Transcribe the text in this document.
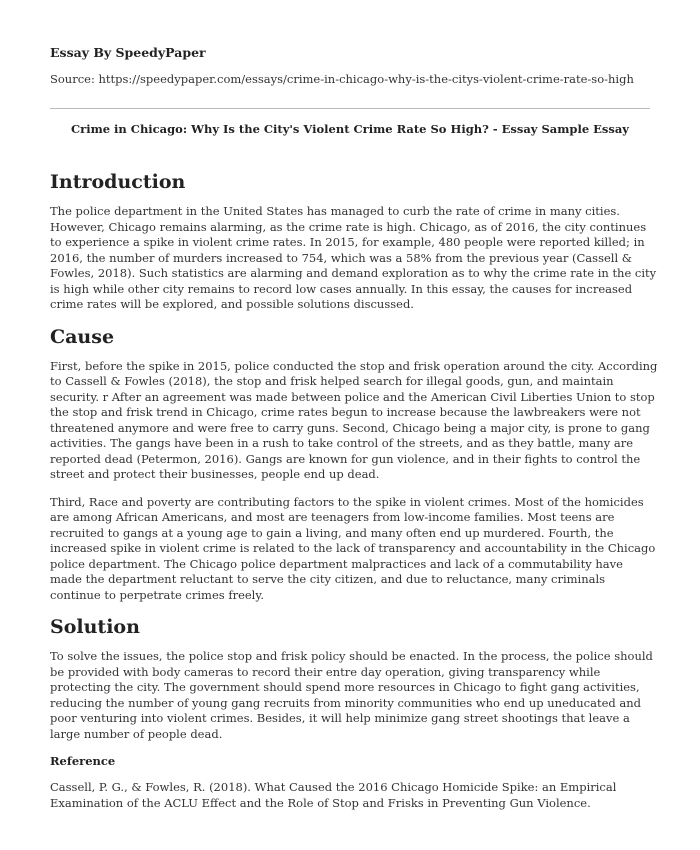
Essay By SpeedyPaper
Source: https://speedypaper.com/essays/crime-in-chicago-why-is-the-citys-violent-crime-rate-so-high
Crime in Chicago: Why Is the City's Violent Crime Rate So High? - Essay Sample Essay
Introduction

The police department in the United States has managed to curb the rate of crime in many cities. However, Chicago remains alarming, as the crime rate is high. Chicago, as of 2016, the city continues to experience a spike in violent crime rates. In 2015, for example, 480 people were reported killed; in 2016, the number of murders increased to 754, which was a 58% from the previous year (Cassell & Fowles, 2018). Such statistics are alarming and demand exploration as to why the crime rate in the city is high while other city remains to record low cases annually. In this essay, the causes for increased crime rates will be explored, and possible solutions discussed.

Cause

First, before the spike in 2015, police conducted the stop and frisk operation around the city. According to Cassell & Fowles (2018), the stop and frisk helped search for illegal goods, gun, and maintain security. r After an agreement was made between police and the American Civil Liberties Union to stop the stop and frisk trend in Chicago, crime rates begun to increase because the lawbreakers were not threatened anymore and were free to carry guns. Second, Chicago being a major city, is prone to gang activities. The gangs have been in a rush to take control of the streets, and as they battle, many are reported dead (Petermon, 2016). Gangs are known for gun violence, and in their fights to control the street and protect their businesses, people end up dead.

Third, Race and poverty are contributing factors to the spike in violent crimes. Most of the homicides are among African Americans, and most are teenagers from low-income families. Most teens are recruited to gangs at a young age to gain a living, and many often end up murdered. Fourth, the increased spike in violent crime is related to the lack of transparency and accountability in the Chicago police department. The Chicago police department malpractices and lack of a commutability have made the department reluctant to serve the city citizen, and due to reluctance, many criminals continue to perpetrate crimes freely.

Solution

To solve the issues, the police stop and frisk policy should be enacted. In the process, the police should be provided with body cameras to record their entre day operation, giving transparency while protecting the city. The government should spend more resources in Chicago to fight gang activities, reducing the number of young gang recruits from minority communities who end up uneducated and poor venturing into violent crimes. Besides, it will help minimize gang street shootings that leave a large number of people dead.

Reference

Cassell, P. G., & Fowles, R. (2018). What Caused the 2016 Chicago Homicide Spike: an Empirical Examination of the ACLU Effect and the Role of Stop and Frisks in Preventing Gun Violence.
